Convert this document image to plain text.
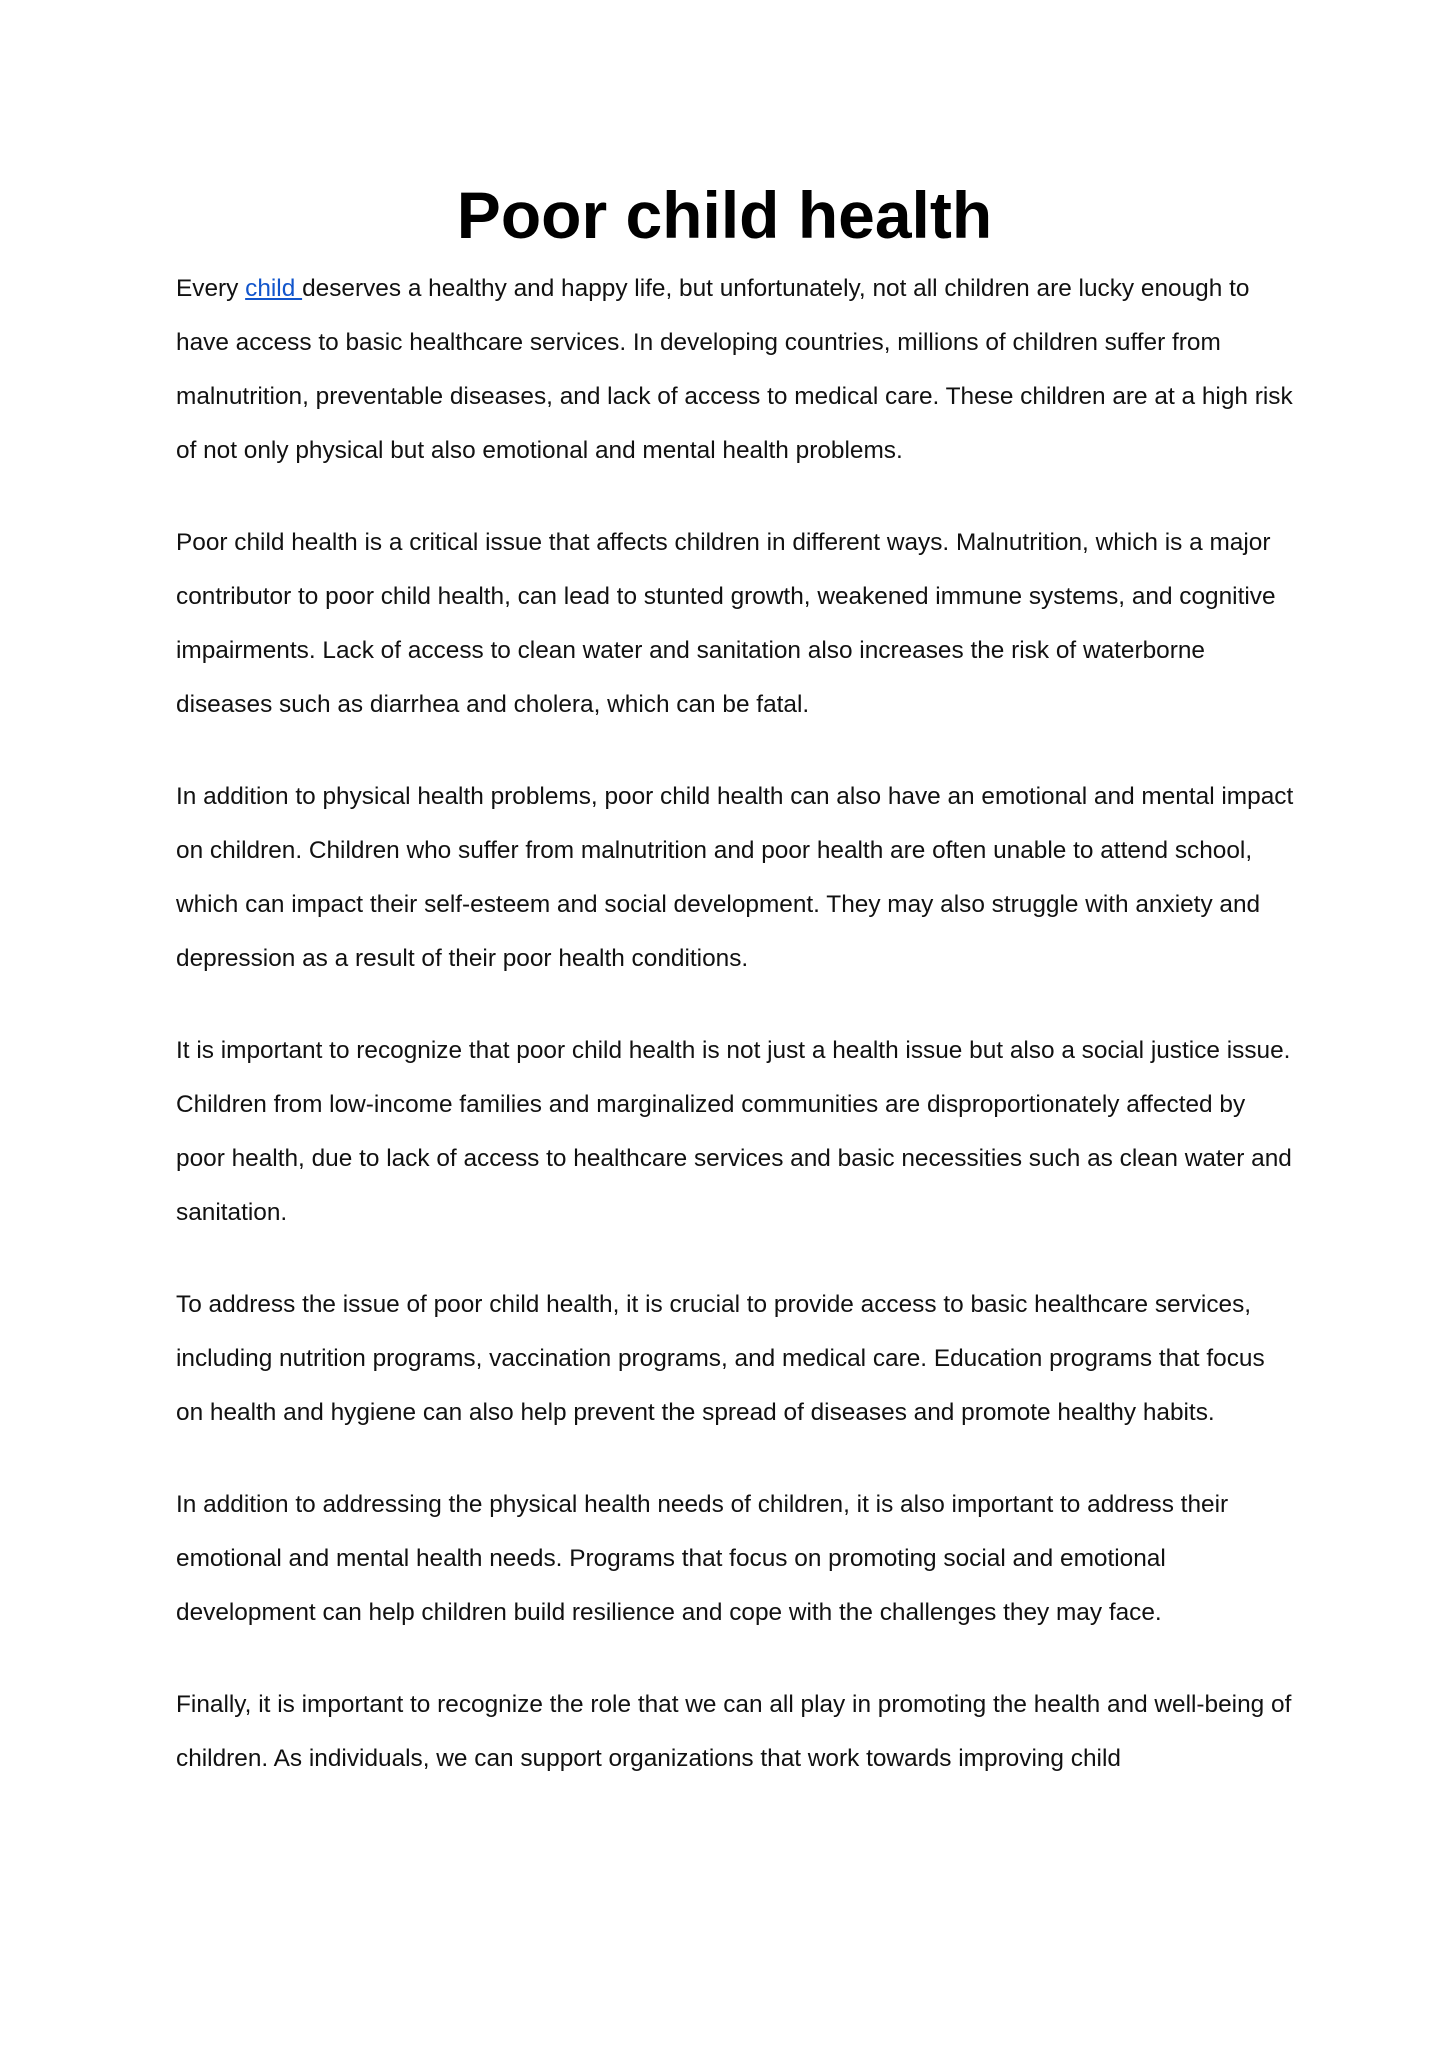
Poor child health

Every child deserves a healthy and happy life, but unfortunately, not all children are lucky enough to have access to basic healthcare services. In developing countries, millions of children suffer from malnutrition, preventable diseases, and lack of access to medical care. These children are at a high risk of not only physical but also emotional and mental health problems.

Poor child health is a critical issue that affects children in different ways. Malnutrition, which is a major contributor to poor child health, can lead to stunted growth, weakened immune systems, and cognitive impairments. Lack of access to clean water and sanitation also increases the risk of waterborne diseases such as diarrhea and cholera, which can be fatal.

In addition to physical health problems, poor child health can also have an emotional and mental impact on children. Children who suffer from malnutrition and poor health are often unable to attend school, which can impact their self-esteem and social development. They may also struggle with anxiety and depression as a result of their poor health conditions.

It is important to recognize that poor child health is not just a health issue but also a social justice issue. Children from low-income families and marginalized communities are disproportionately affected by poor health, due to lack of access to healthcare services and basic necessities such as clean water and sanitation.

To address the issue of poor child health, it is crucial to provide access to basic healthcare services, including nutrition programs, vaccination programs, and medical care. Education programs that focus on health and hygiene can also help prevent the spread of diseases and promote healthy habits.

In addition to addressing the physical health needs of children, it is also important to address their emotional and mental health needs. Programs that focus on promoting social and emotional development can help children build resilience and cope with the challenges they may face.

Finally, it is important to recognize the role that we can all play in promoting the health and well-being of children. As individuals, we can support organizations that work towards improving child
